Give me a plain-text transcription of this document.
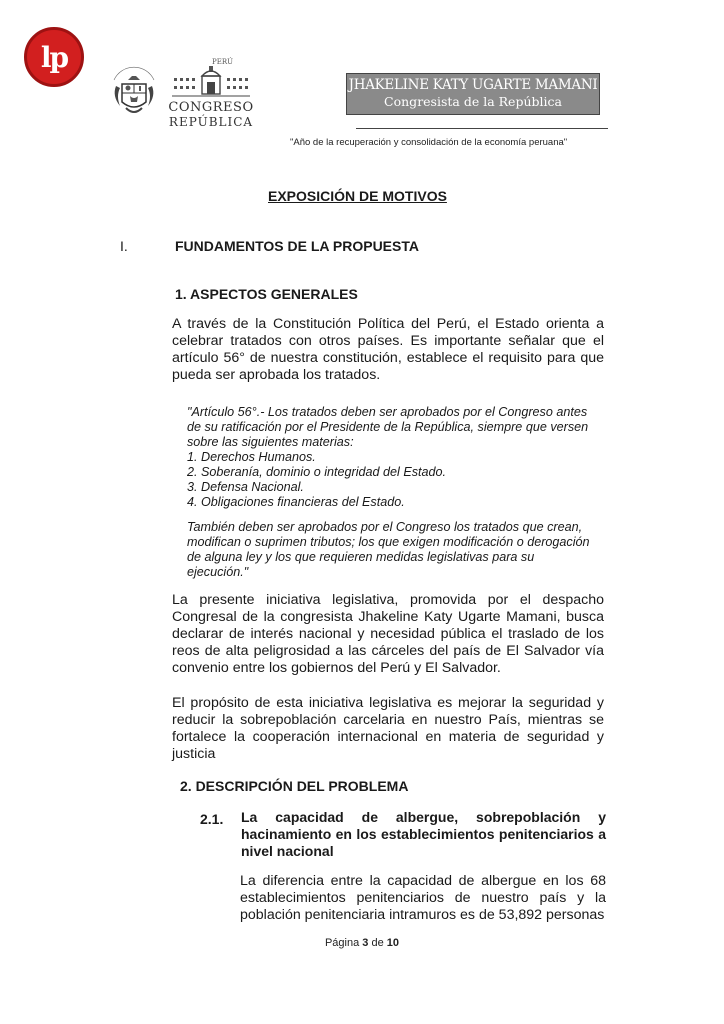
lp	PERÚ
CONGRESO
REPÚBLICA
JHAKELINE KATY UGARTE MAMANI
Congresista de la República
"Año de la recuperación y consolidación de la economía peruana"
EXPOSICIÓN DE MOTIVOS
I.	FUNDAMENTOS DE LA PROPUESTA
1. ASPECTOS GENERALES
A través de la Constitución Política del Perú, el Estado orienta a celebrar tratados con otros países. Es importante señalar que el artículo 56° de nuestra constitución, establece el requisito para que pueda ser aprobada los tratados.
"Artículo 56°.- Los tratados deben ser aprobados por el Congreso antes
de su ratificación por el Presidente de la República, siempre que versen
sobre las siguientes materias:
1. Derechos Humanos.
2. Soberanía, dominio o integridad del Estado.
3. Defensa Nacional.
4. Obligaciones financieras del Estado.
También deben ser aprobados por el Congreso los tratados que crean,
modifican o suprimen tributos; los que exigen modificación o derogación
de alguna ley y los que requieren medidas legislativas para su
ejecución."
La presente iniciativa legislativa, promovida por el despacho Congresal de la congresista Jhakeline Katy Ugarte Mamani, busca declarar de interés nacional y necesidad pública el traslado de los reos de alta peligrosidad a las cárceles del país de El Salvador vía convenio entre los gobiernos del Perú y El Salvador.
El propósito de esta iniciativa legislativa es mejorar la seguridad y reducir la sobrepoblación carcelaria en nuestro País, mientras se fortalece la cooperación internacional en materia de seguridad y justicia
2. DESCRIPCIÓN DEL PROBLEMA
2.1. La capacidad de albergue, sobrepoblación y hacinamiento en los establecimientos penitenciarios a nivel nacional
La diferencia entre la capacidad de albergue en los 68 establecimientos penitenciarios de nuestro país y la población penitenciaria intramuros es de 53,892 personas
Página 3 de 10
